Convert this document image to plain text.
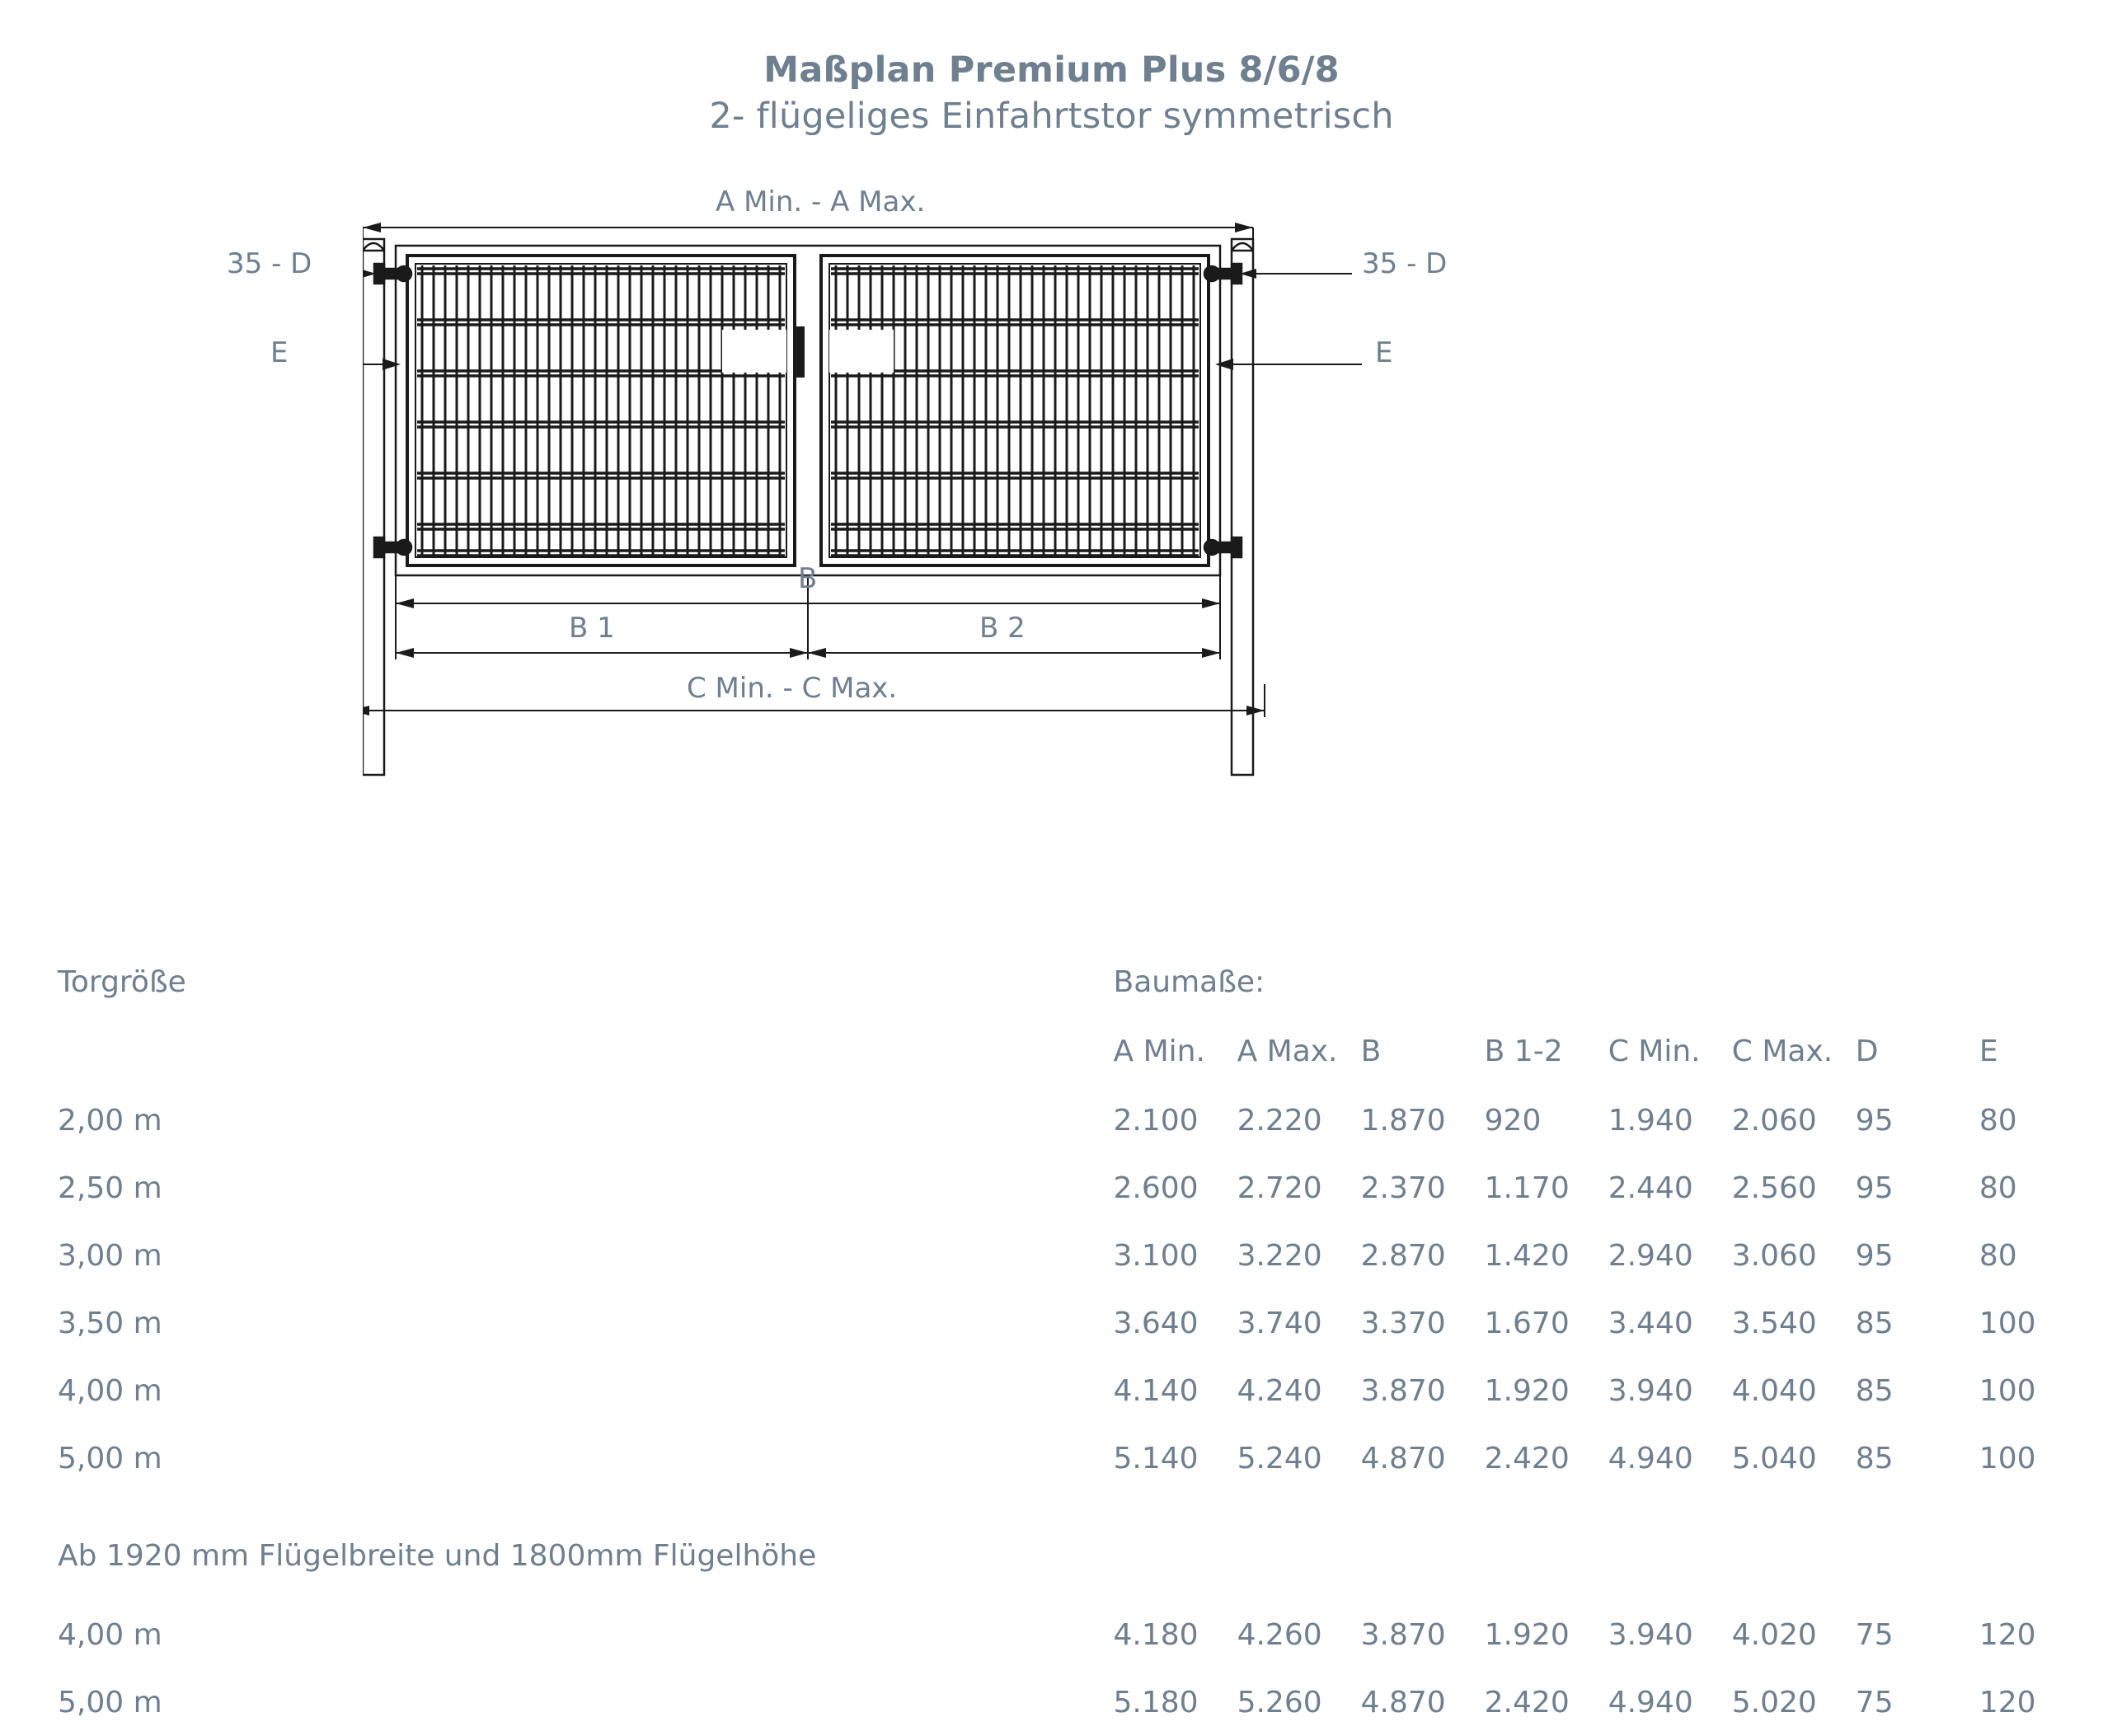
Maßplan Premium Plus 8/6/8
2- flügeliges Einfahrtstor symmetrisch
A Min. - A Max.
35 - D	35 - D
E	E
B
B 1	B 2
C Min. - C Max.
Torgröße	Baumaße:							
	A Min.	A Max.	B	B 1-2	C Min.	C Max.	D	E
2,00 m	2.100	2.220	1.870	920	1.940	2.060	95	80
2,50 m	2.600	2.720	2.370	1.170	2.440	2.560	95	80
3,00 m	3.100	3.220	2.870	1.420	2.940	3.060	95	80
3,50 m	3.640	3.740	3.370	1.670	3.440	3.540	85	100
4,00 m	4.140	4.240	3.870	1.920	3.940	4.040	85	100
5,00 m	5.140	5.240	4.870	2.420	4.940	5.040	85	100

Ab 1920 mm Flügelbreite und 1800mm Flügelhöhe								

4,00 m	4.180	4.260	3.870	1.920	3.940	4.020	75	120
5,00 m	5.180	5.260	4.870	2.420	4.940	5.020	75	120
